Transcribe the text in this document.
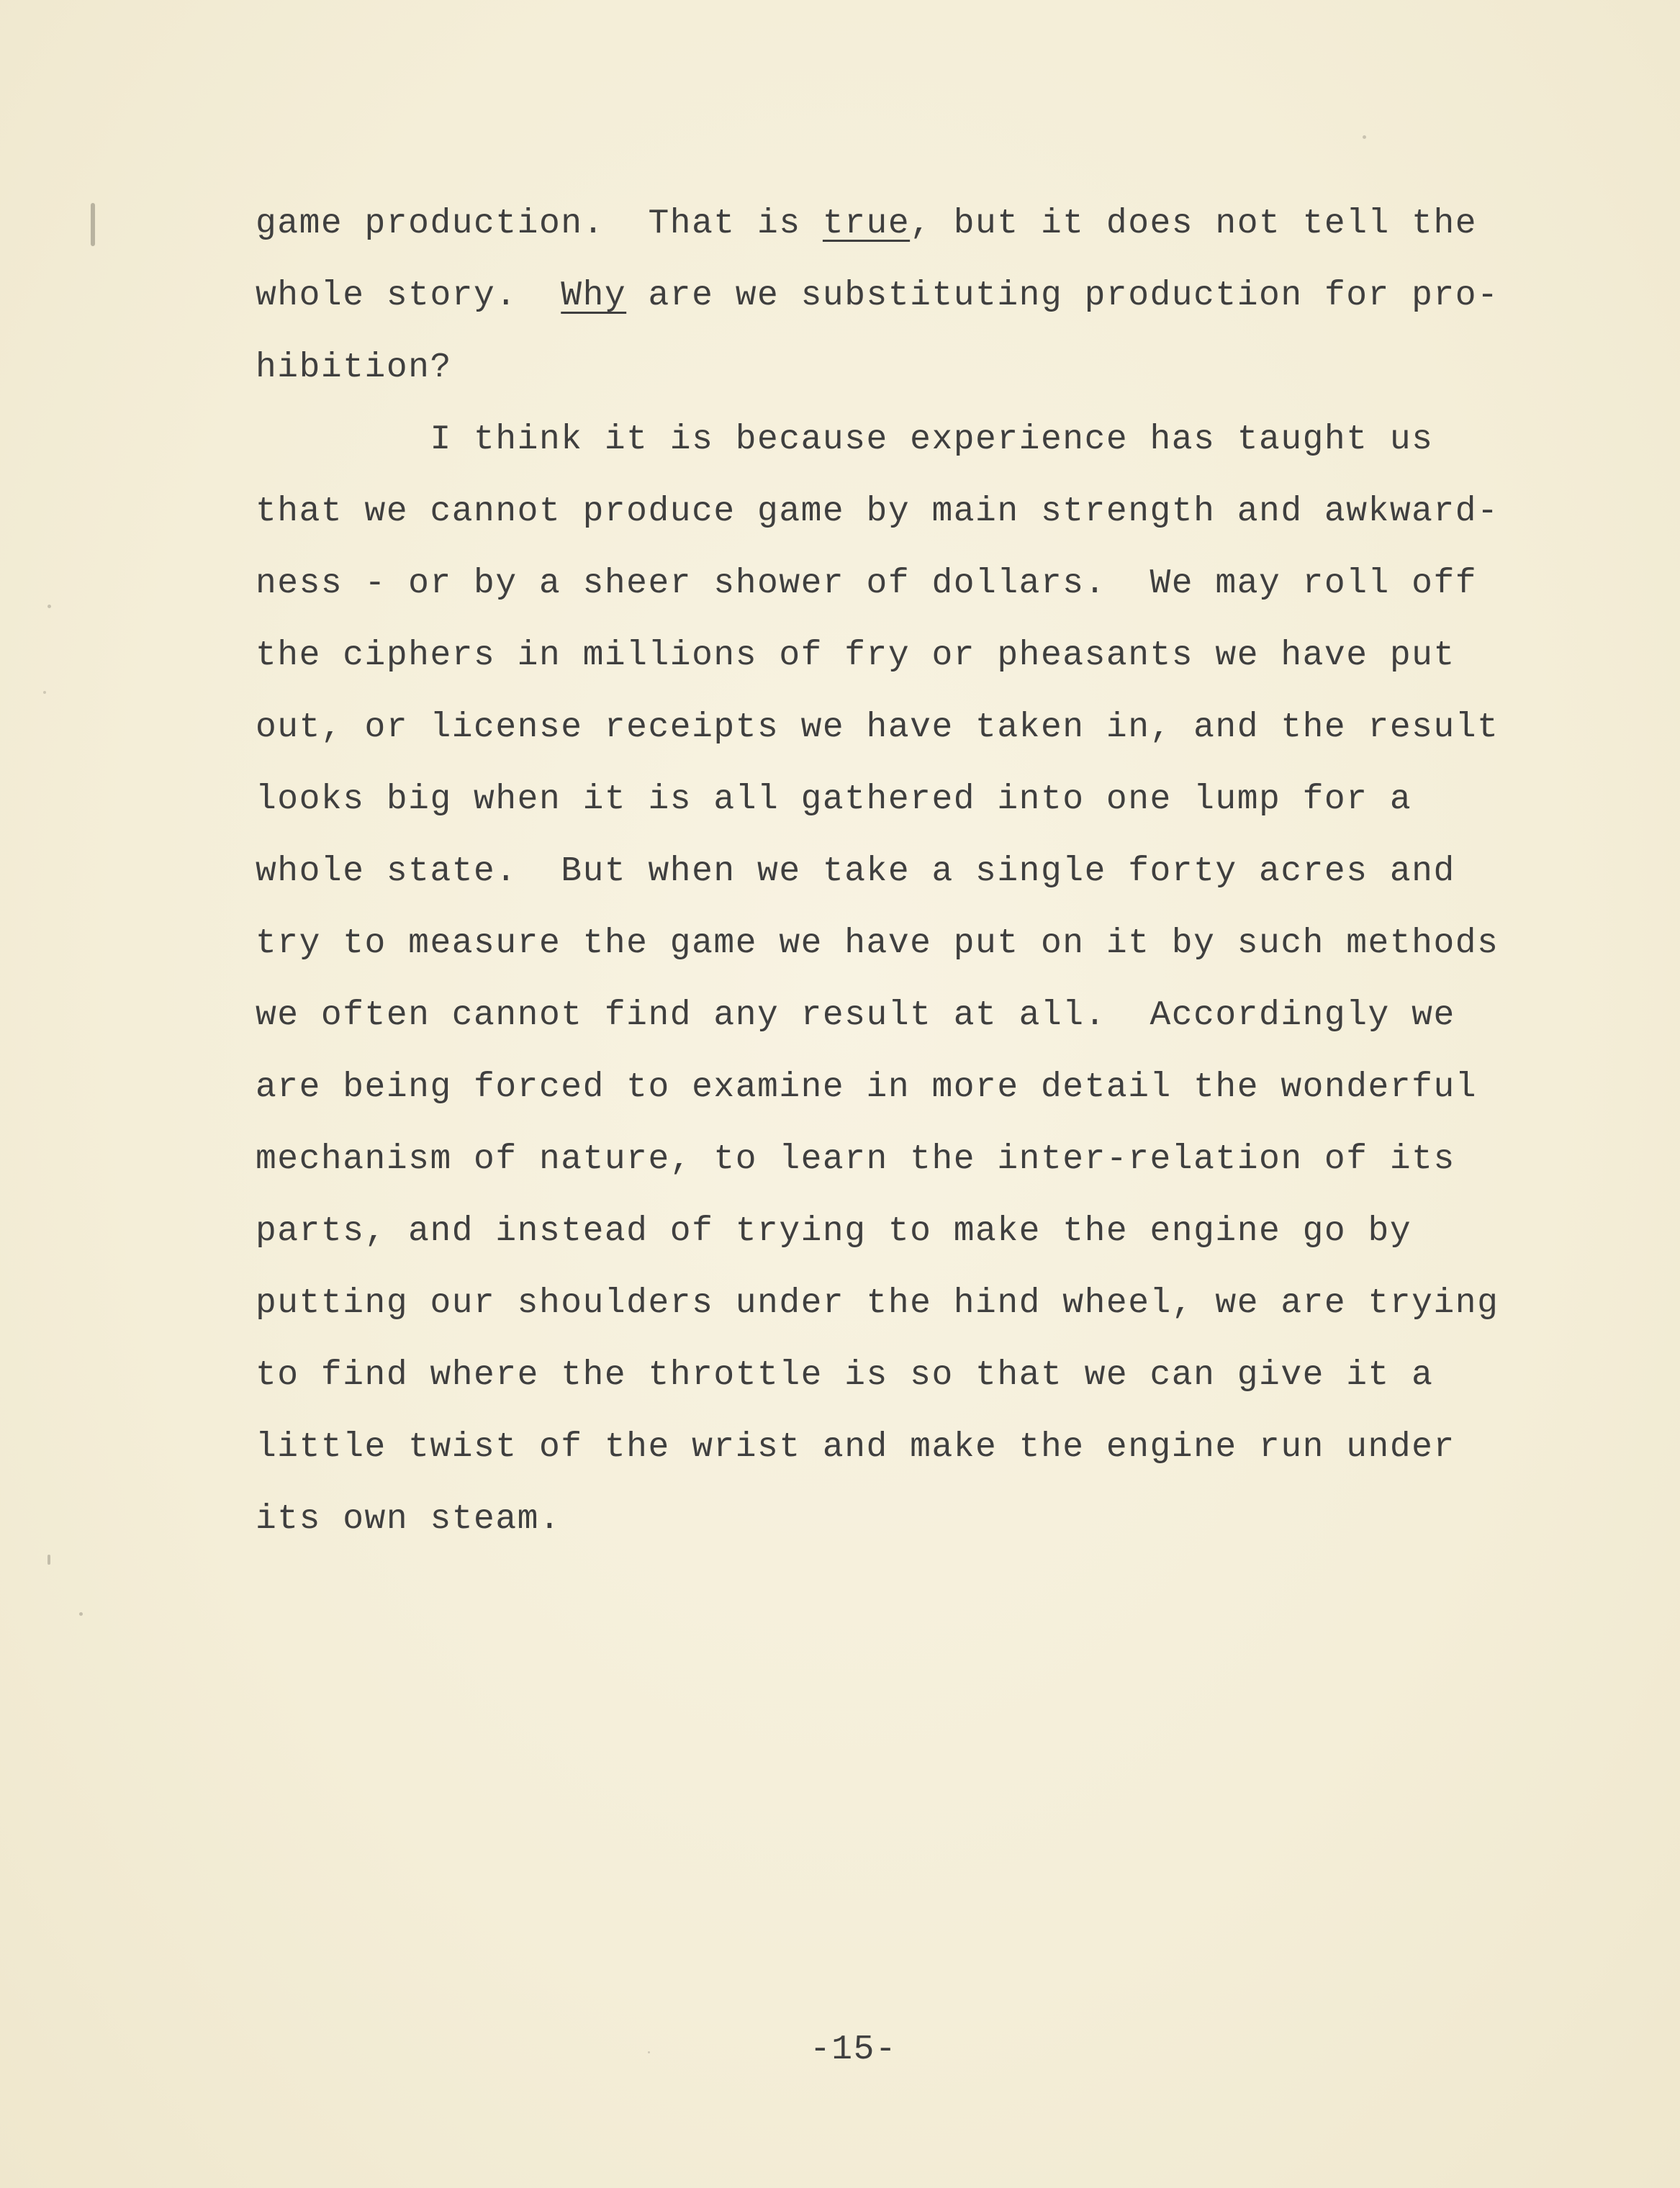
game production.  That is true, but it does not tell the
whole story.  Why are we substituting production for pro-
hibition?
I think it is because experience has taught us
that we cannot produce game by main strength and awkward-
ness - or by a sheer shower of dollars.  We may roll off
the ciphers in millions of fry or pheasants we have put
out, or license receipts we have taken in, and the result
looks big when it is all gathered into one lump for a
whole state.  But when we take a single forty acres and
try to measure the game we have put on it by such methods
we often cannot find any result at all.  Accordingly we
are being forced to examine in more detail the wonderful
mechanism of nature, to learn the inter-relation of its
parts, and instead of trying to make the engine go by
putting our shoulders under the hind wheel, we are trying
to find where the throttle is so that we can give it a
little twist of the wrist and make the engine run under
its own steam.
-15-
